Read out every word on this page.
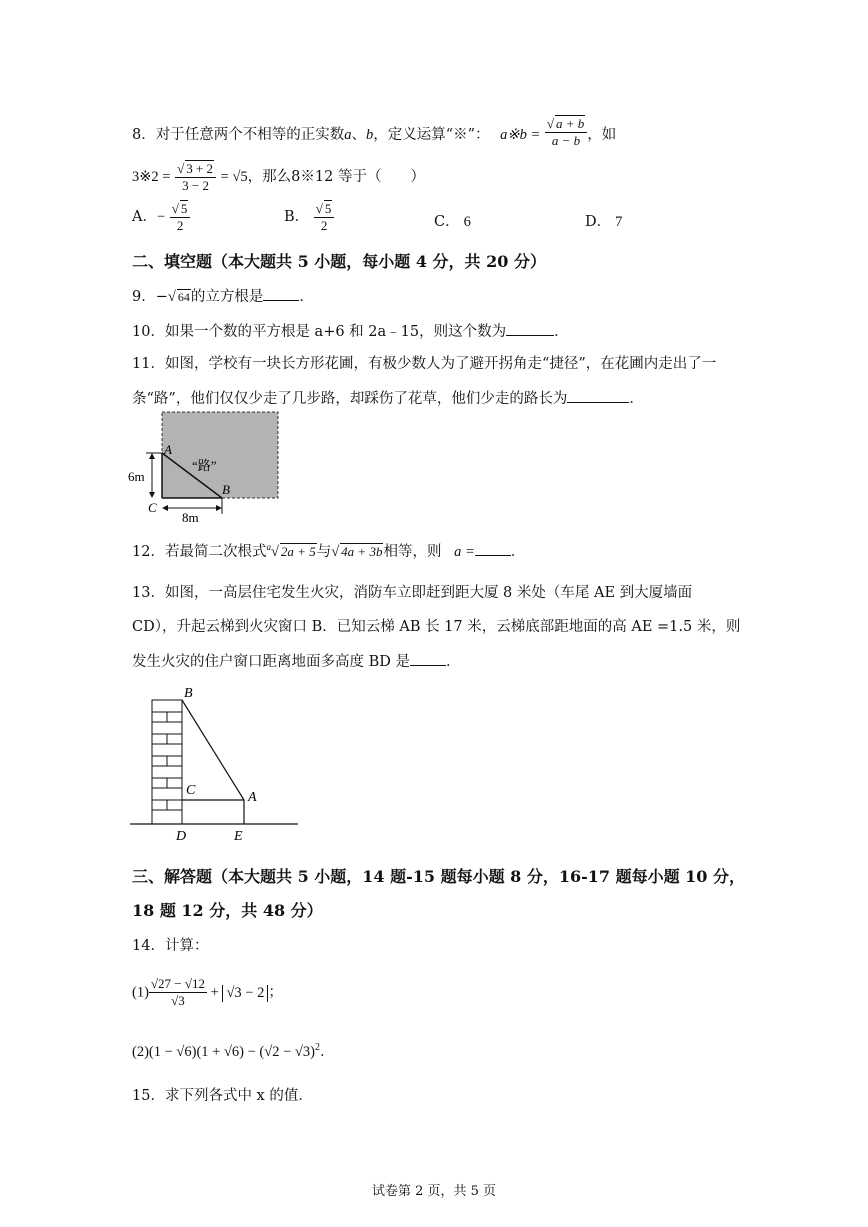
8．对于任意两个不相等的正实数a、b，定义运算“※”： a※b = $\frac{√ a + b}{a - b}$ ，如
3※2 = $\frac{√ 3 + 2}{3 - 2} = √5$，那么8※12 等于（　　）
A．− $\frac{√ 5}{2}$	B． $\frac{√ 5}{2}$	C． 6	D． 7
二、填空题（本大题共 5 小题，每小题 4 分，共 20 分）
9．−√ 64的立方根是 ．
10．如果一个数的平方根是 a+6 和 2a﹣15，则这个数为	．
11．如图，学校有一块长方形花圃，有极少数人为了避开拐角走“捷径”，在花圃内走出了一
条“路”，他们仅仅少走了几步路，却踩伤了花草，他们少走的路长为	．
A
B
C
“路”
6m
8m
12．若最简二次根式$^a$√ 2a + 5与√ 4a + 3b相等，则 a = ．
13．如图，一高层住宅发生火灾，消防车立即赶到距大厦 8 米处（车尾 AE 到大厦墙面
CD），升起云梯到火灾窗口 B．已知云梯 AB 长 17 米，云梯底部距地面的高 AE =1.5 米，则
发生火灾的住户窗口距离地面多高度 BD 是 ．
B
C	A
D	E
三、解答题（本大题共 5 小题，14 题-15 题每小题 8 分，16-17 题每小题 10 分，
18 题 12 分，共 48 分）
14．计算：
$(1) \frac{√27 - √12}{√3} + √3 - 2$ ；
$(2)(1 - √6)(1 + √6) - (√2 - √3)^2$．
15．求下列各式中 x 的值．
试卷第 2 页，共 5 页
